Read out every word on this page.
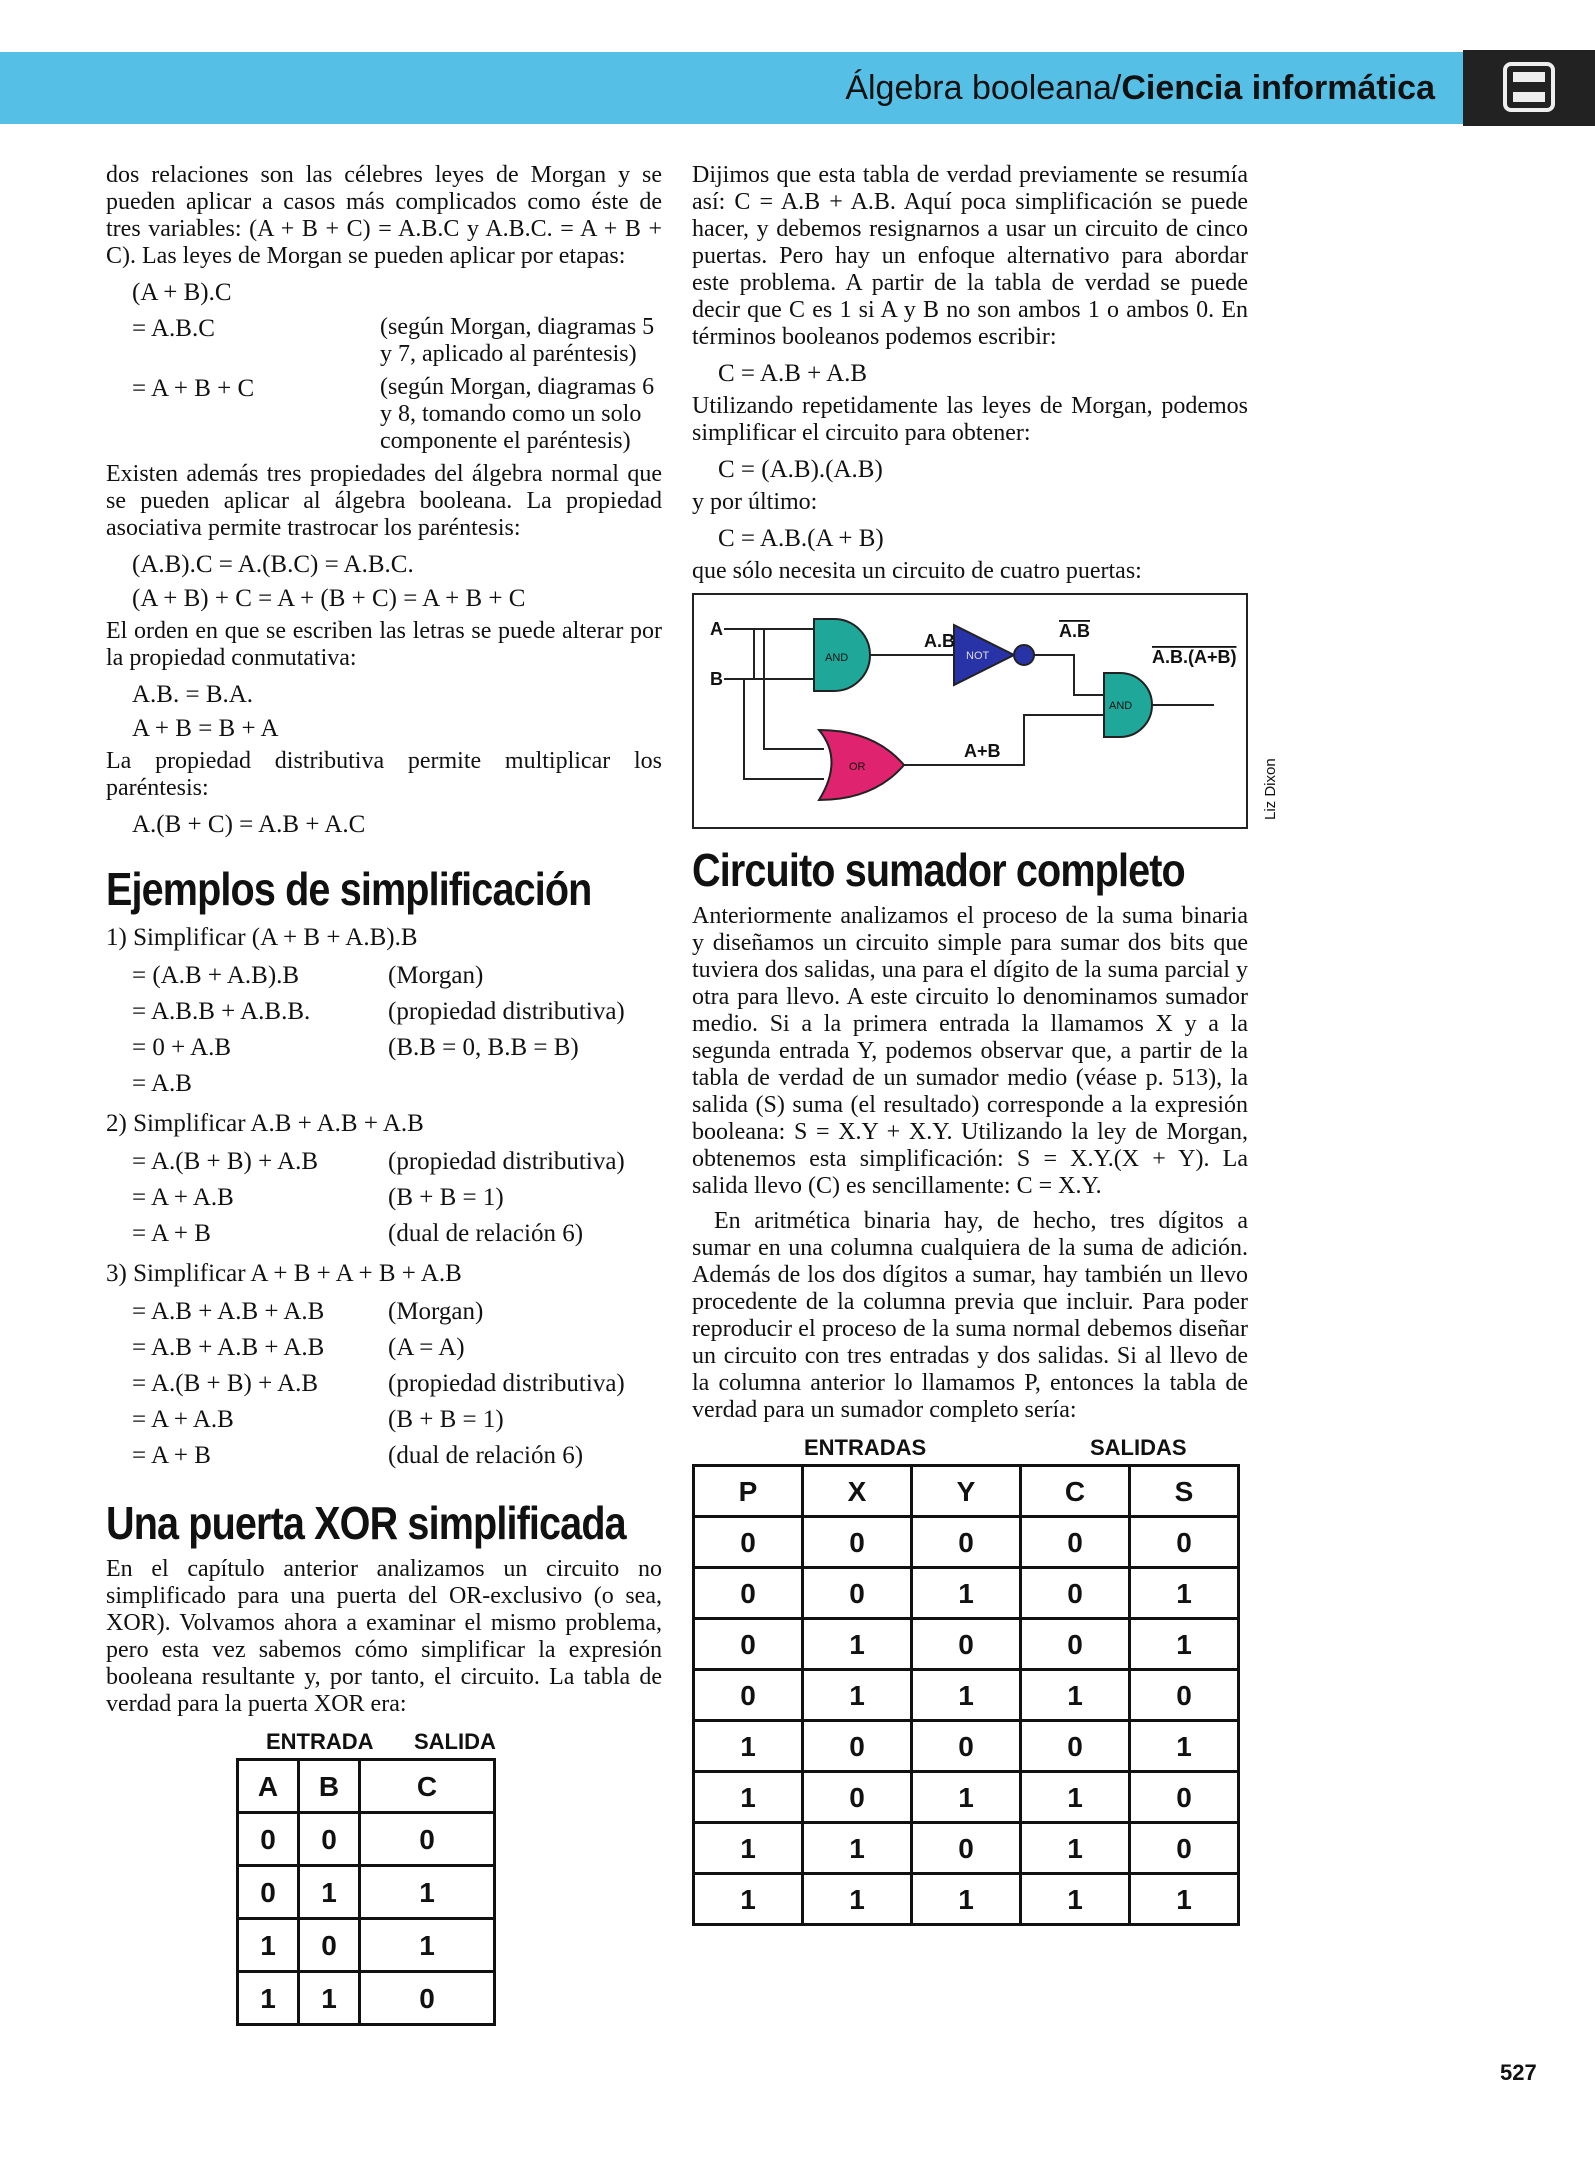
Álgebra booleana/Ciencia informática

dos relaciones son las célebres leyes de Morgan y se pueden aplicar a casos más complicados como éste de tres variables: (A + B + C) = A.B.C y A.B.C. = A + B + C). Las leyes de Morgan se pueden aplicar por etapas:

(A + B).C
= A.B.C	(según Morgan, diagramas 5 y 7, aplicado al paréntesis)
= A + B + C	(según Morgan, diagramas 6 y 8, tomando como un solo componente el paréntesis)

Existen además tres propiedades del álgebra normal que se pueden aplicar al álgebra booleana. La propiedad asociativa permite trastrocar los paréntesis:

(A.B).C = A.(B.C) = A.B.C.
(A + B) + C = A + (B + C) = A + B + C

El orden en que se escriben las letras se puede alterar por la propiedad conmutativa:

A.B. = B.A.
A + B = B + A

La propiedad distributiva permite multiplicar los paréntesis:

A.(B + C) = A.B + A.C
Ejemplos de simplificación
1) Simplificar (A + B + A.B).B
= (A.B + A.B).B	(Morgan)
= A.B.B + A.B.B.	(propiedad distributiva)
= 0 + A.B	(B.B = 0, B.B = B)
= A.B
2) Simplificar A.B + A.B + A.B
= A.(B + B) + A.B	(propiedad distributiva)
= A + A.B	(B + B = 1)
= A + B	(dual de relación 6)
3) Simplificar A + B + A + B + A.B
= A.B + A.B + A.B	(Morgan)
= A.B + A.B + A.B	(A = A)
= A.(B + B) + A.B	(propiedad distributiva)
= A + A.B	(B + B = 1)
= A + B	(dual de relación 6)
Una puerta XOR simplificada

En el capítulo anterior analizamos un circuito no simplificado para una puerta del OR-exclusivo (o sea, XOR). Volvamos ahora a examinar el mismo problema, pero esta vez sabemos cómo simplificar la expresión booleana resultante y, por tanto, el circuito. La tabla de verdad para la puerta XOR era:

ENTRADA SALIDA
A	B	C
0	0	0
0	1	1
1	0	1
1	1	0

Dijimos que esta tabla de verdad previamente se resumía así: C = A.B + A.B. Aquí poca simplificación se puede hacer, y debemos resignarnos a usar un circuito de cinco puertas. Pero hay un enfoque alternativo para abordar este problema. A partir de la tabla de verdad se puede decir que C es 1 si A y B no son ambos 1 o ambos 0. En términos booleanos podemos escribir:

C = A.B + A.B

Utilizando repetidamente las leyes de Morgan, podemos simplificar el circuito para obtener:

C = (A.B).(A.B)

y por último:

C = A.B.(A + B)

que sólo necesita un circuito de cuatro puertas:

A
B
A.B	A.B
A+B
A.B.(A+B)
AND	NOT
OR
AND
Circuito sumador completo

Anteriormente analizamos el proceso de la suma binaria y diseñamos un circuito simple para sumar dos bits que tuviera dos salidas, una para el dígito de la suma parcial y otra para llevo. A este circuito lo denominamos sumador medio. Si a la primera entrada la llamamos X y a la segunda entrada Y, podemos observar que, a partir de la tabla de verdad de un sumador medio (véase p. 513), la salida (S) suma (el resultado) corresponde a la expresión booleana: S = X.Y + X.Y. Utilizando la ley de Morgan, obtenemos esta simplificación: S = X.Y.(X + Y). La salida llevo (C) es sencillamente: C = X.Y.

En aritmética binaria hay, de hecho, tres dígitos a sumar en una columna cualquiera de la suma de adición. Además de los dos dígitos a sumar, hay también un llevo procedente de la columna previa que incluir. Para poder reproducir el proceso de la suma normal debemos diseñar un circuito con tres entradas y dos salidas. Si al llevo de la columna anterior lo llamamos P, entonces la tabla de verdad para un sumador completo sería:

ENTRADAS	SALIDAS
P	X	Y	C	S
0	0	0	0	0
0	0	1	0	1
0	1	0	0	1
0	1	1	1	0
1	0	0	0	1
1	0	1	1	0
1	1	0	1	0
1	1	1	1	1
Liz Dixon
527
